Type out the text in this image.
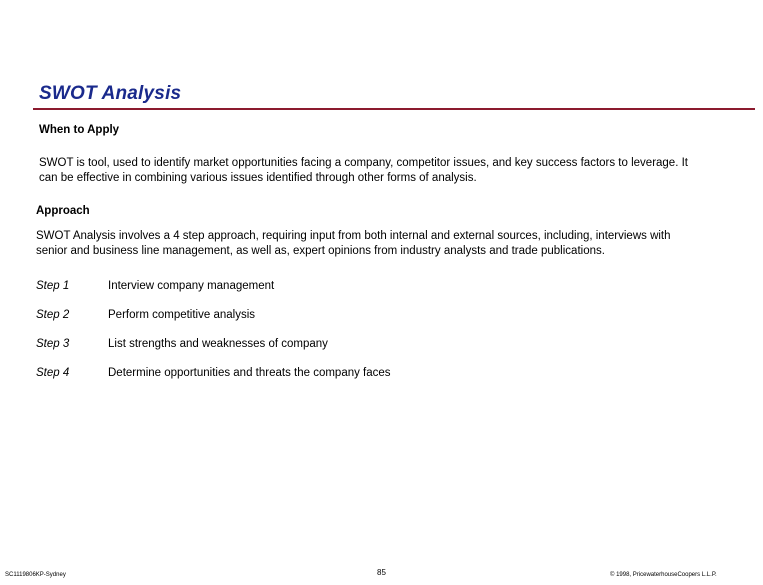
SWOT Analysis
When to Apply
SWOT is tool, used to identify market opportunities facing a company, competitor issues, and key success factors to leverage. It
can be effective in combining various issues identified through other forms of analysis.
Approach
SWOT Analysis involves a 4 step approach, requiring input from both internal and external sources, including, interviews with
senior and business line management, as well as, expert opinions from industry analysts and trade publications.
Step 1	Interview company management
Step 2	Perform competitive analysis
Step 3	List strengths and weaknesses of company
Step 4	Determine opportunities and threats the company faces
SC1119806KP-Sydney	85	© 1998, PricewaterhouseCoopers L.L.P.
